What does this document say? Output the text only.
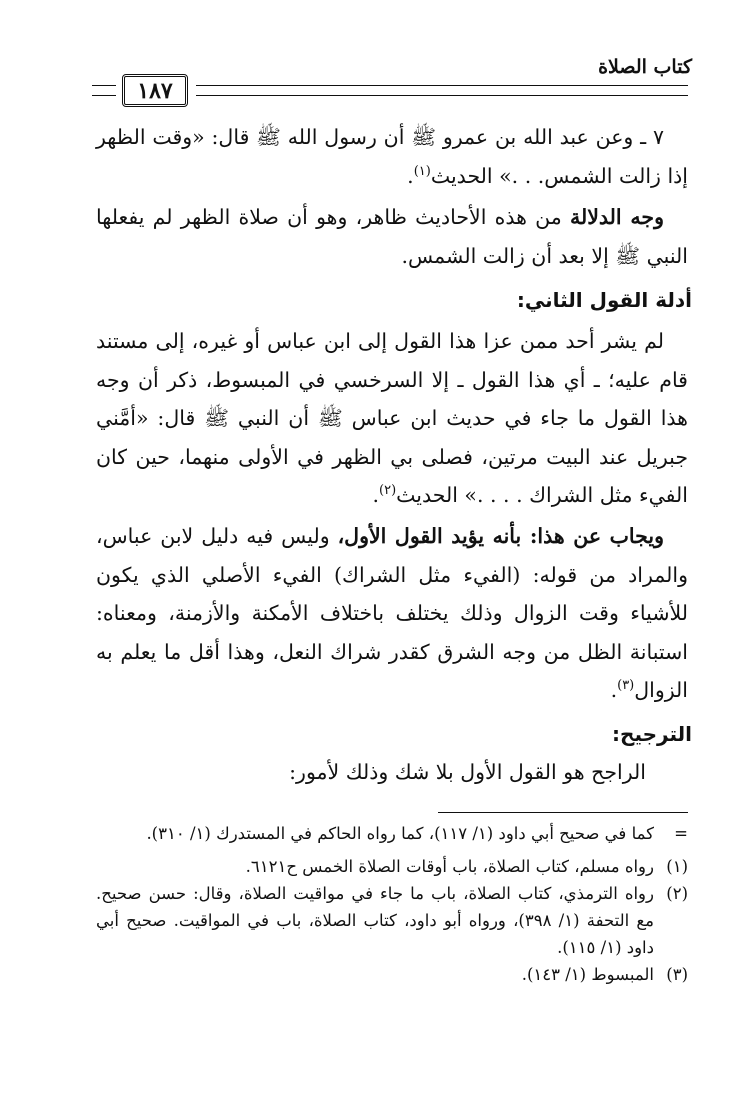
كتاب الصلاة
١٨٧
٧ ـ وعن عبد الله بن عمرو ﷺ أن رسول الله ﷺ قال: «وقت الظهر إذا زالت الشمس. . .» الحديث$^{(١)}$.
وجه الدلالة من هذه الأحاديث ظاهر، وهو أن صلاة الظهر لم يفعلها النبي ﷺ إلا بعد أن زالت الشمس.
أدلة القول الثاني:
لم يشر أحد ممن عزا هذا القول إلى ابن عباس أو غيره، إلى مستند قام عليه؛ ـ أي هذا القول ـ إلا السرخسي في المبسوط، ذكر أن وجه هذا القول ما جاء في حديث ابن عباس ﷺ أن النبي ﷺ قال: «أمَّني جبريل عند البيت مرتين، فصلى بي الظهر في الأولى منهما، حين كان الفيء مثل الشراك . . . .» الحديث$^{(٢)}$.
ويجاب عن هذا: بأنه يؤيد القول الأول، وليس فيه دليل لابن عباس، والمراد من قوله: (الفيء مثل الشراك) الفيء الأصلي الذي يكون للأشياء وقت الزوال وذلك يختلف باختلاف الأمكنة والأزمنة، ومعناه: استبانة الظل من وجه الشرق كقدر شراك النعل، وهذا أقل ما يعلم به الزوال$^{(٣)}$.
الترجيح:
الراجح هو القول الأول بلا شك وذلك لأمور:
=
كما في صحيح أبي داود (١/ ١١٧)، كما رواه الحاكم في المستدرك (١/ ٣١٠).
(١)
رواه مسلم، كتاب الصلاة، باب أوقات الصلاة الخمس ح٦١٢١.
(٢)
رواه الترمذي، كتاب الصلاة، باب ما جاء في مواقيت الصلاة، وقال: حسن صحيح. مع التحفة (١/ ٣٩٨)، ورواه أبو داود، كتاب الصلاة، باب في المواقيت. صحيح أبي داود (١/ ١١٥).
(٣)
المبسوط (١/ ١٤٣).
